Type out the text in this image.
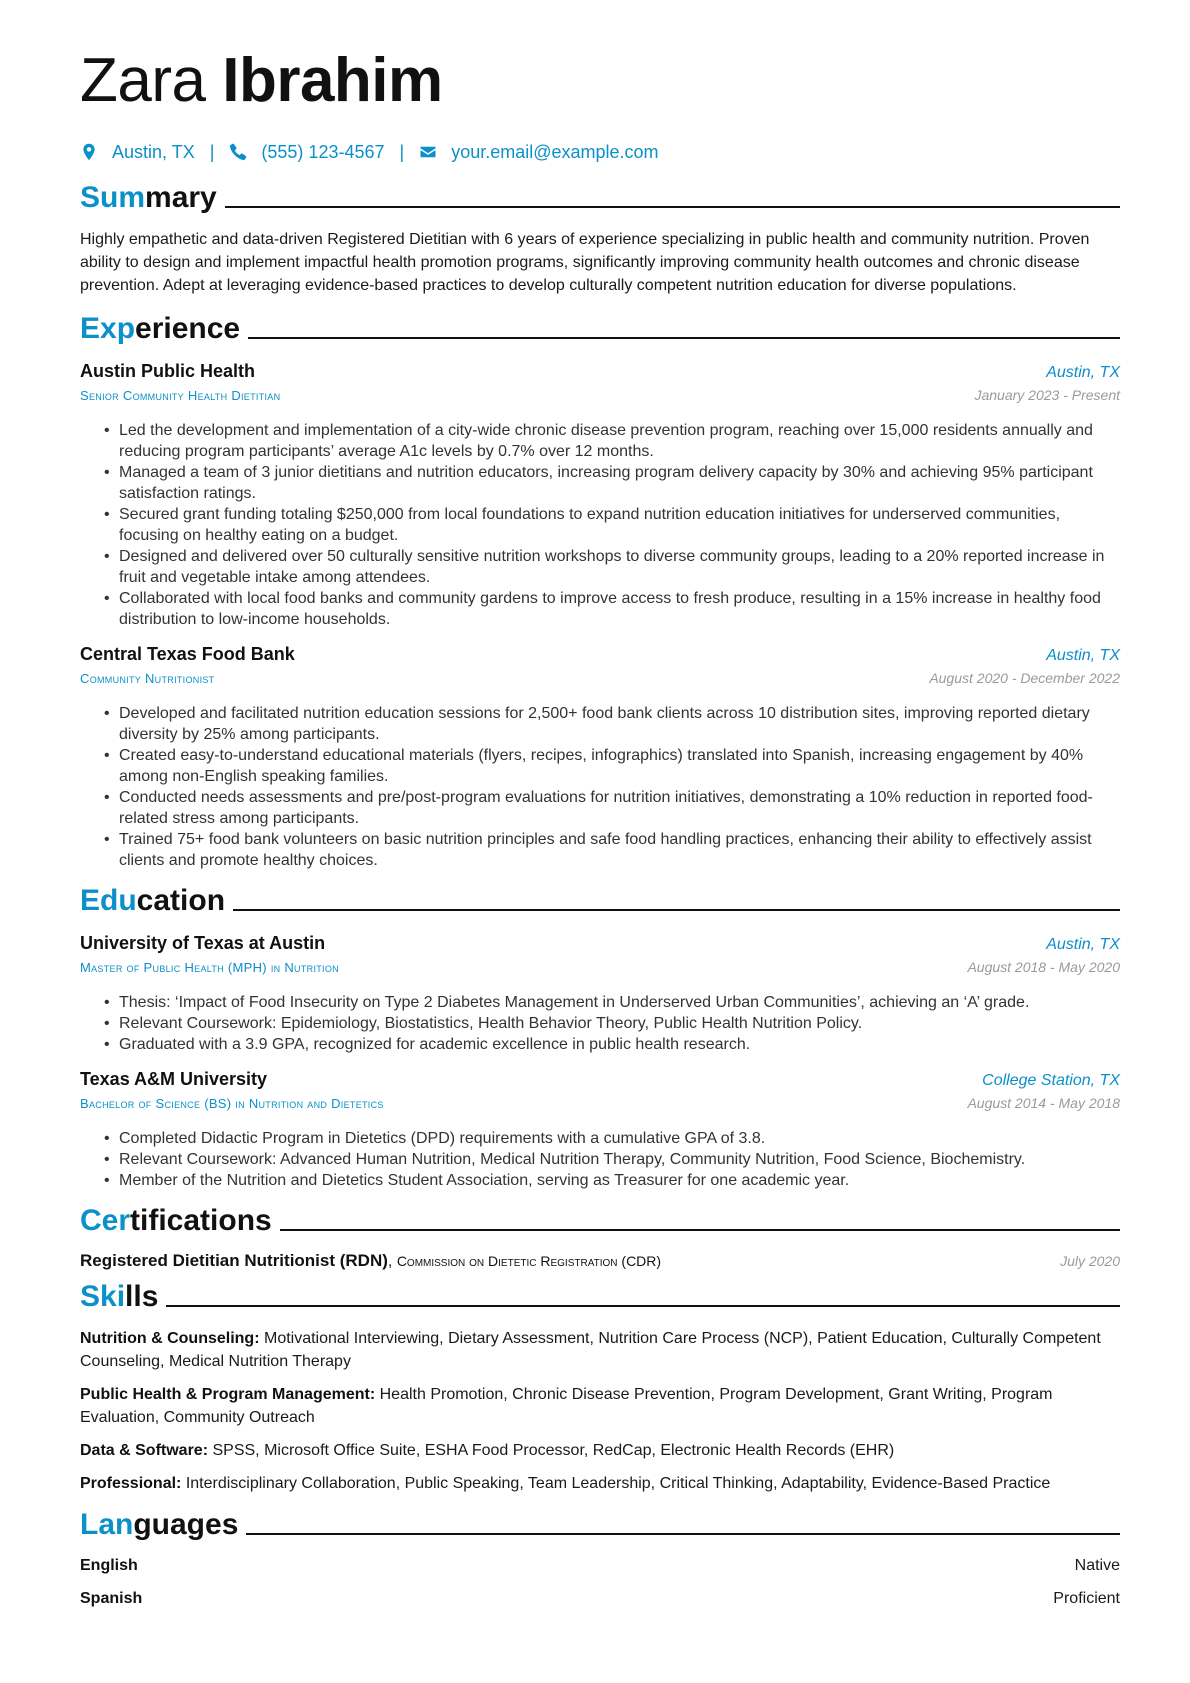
Zara Ibrahim
Austin, TX |	(555) 123-4567 |	your.email@example.com
Summary

Highly empathetic and data-driven Registered Dietitian with 6 years of experience specializing in public health and community nutrition. Proven ability to design and implement impactful health promotion programs, significantly improving community health outcomes and chronic disease prevention. Adept at leveraging evidence-based practices to develop culturally competent nutrition education for diverse populations.

Experience
Austin Public Health	Austin, TX
Senior Community Health Dietitian	January 2023 - Present
• Led the development and implementation of a city-wide chronic disease prevention program, reaching over 15,000 residents annually and reducing program participants’ average A1c levels by 0.7% over 12 months.
• Managed a team of 3 junior dietitians and nutrition educators, increasing program delivery capacity by 30% and achieving 95% participant satisfaction ratings.
• Secured grant funding totaling $250,000 from local foundations to expand nutrition education initiatives for underserved communities, focusing on healthy eating on a budget.
• Designed and delivered over 50 culturally sensitive nutrition workshops to diverse community groups, leading to a 20% reported increase in fruit and vegetable intake among attendees.
• Collaborated with local food banks and community gardens to improve access to fresh produce, resulting in a 15% increase in healthy food distribution to low-income households.
Central Texas Food Bank	Austin, TX
Community Nutritionist	August 2020 - December 2022
• Developed and facilitated nutrition education sessions for 2,500+ food bank clients across 10 distribution sites, improving reported dietary diversity by 25% among participants.
• Created easy-to-understand educational materials (flyers, recipes, infographics) translated into Spanish, increasing engagement by 40% among non-English speaking families.
• Conducted needs assessments and pre/post-program evaluations for nutrition initiatives, demonstrating a 10% reduction in reported food-related stress among participants.
• Trained 75+ food bank volunteers on basic nutrition principles and safe food handling practices, enhancing their ability to effectively assist clients and promote healthy choices.
Education
University of Texas at Austin	Austin, TX
Master of Public Health (MPH) in Nutrition	August 2018 - May 2020
• Thesis: ‘Impact of Food Insecurity on Type 2 Diabetes Management in Underserved Urban Communities’, achieving an ‘A’ grade.
• Relevant Coursework: Epidemiology, Biostatistics, Health Behavior Theory, Public Health Nutrition Policy.
• Graduated with a 3.9 GPA, recognized for academic excellence in public health research.
Texas A&M University	College Station, TX
Bachelor of Science (BS) in Nutrition and Dietetics	August 2014 - May 2018
• Completed Didactic Program in Dietetics (DPD) requirements with a cumulative GPA of 3.8.
• Relevant Coursework: Advanced Human Nutrition, Medical Nutrition Therapy, Community Nutrition, Food Science, Biochemistry.
• Member of the Nutrition and Dietetics Student Association, serving as Treasurer for one academic year.
Certifications
Registered Dietitian Nutritionist (RDN), Commission on Dietetic Registration (CDR)	July 2020
Skills

Nutrition & Counseling: Motivational Interviewing, Dietary Assessment, Nutrition Care Process (NCP), Patient Education, Culturally Competent Counseling, Medical Nutrition Therapy

Public Health & Program Management: Health Promotion, Chronic Disease Prevention, Program Development, Grant Writing, Program Evaluation, Community Outreach

Data & Software: SPSS, Microsoft Office Suite, ESHA Food Processor, RedCap, Electronic Health Records (EHR)

Professional: Interdisciplinary Collaboration, Public Speaking, Team Leadership, Critical Thinking, Adaptability, Evidence-Based Practice

Languages
English	Native
Spanish	Proficient
